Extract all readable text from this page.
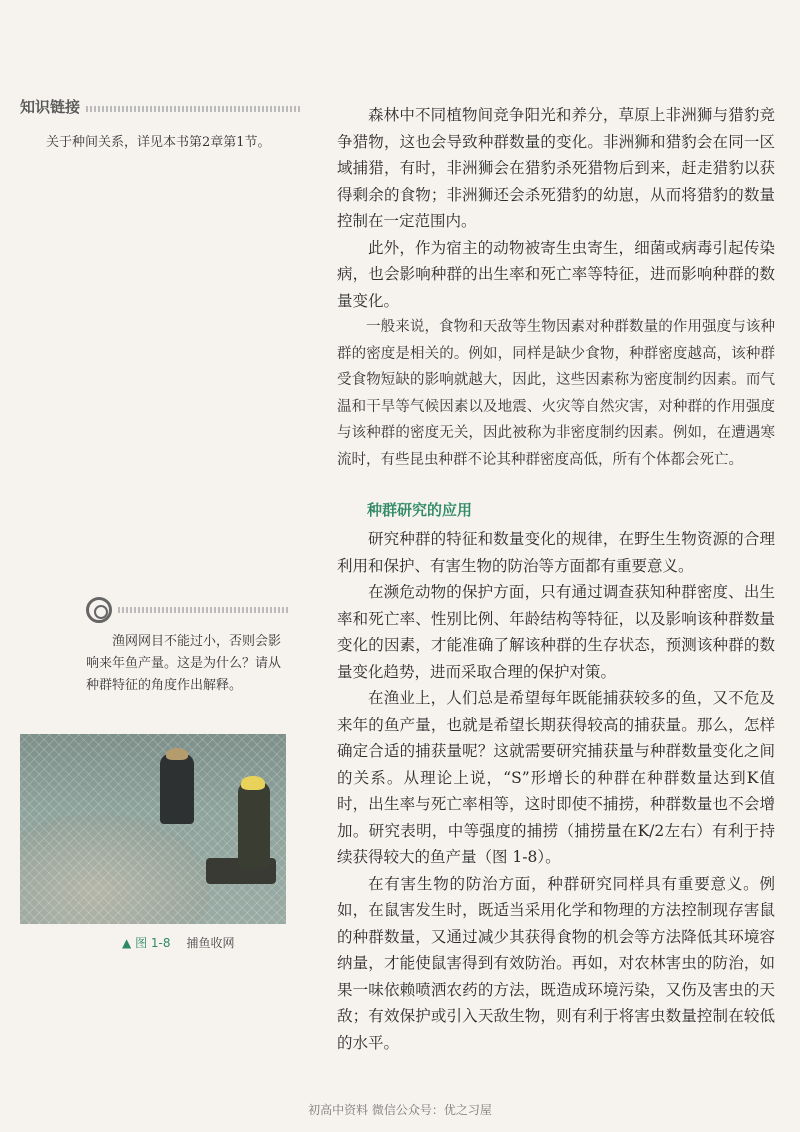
知识链接
关于种间关系，详见本书第2章第1节。
渔网网目不能过小，否则会影响来年鱼产量。这是为什么？请从种群特征的角度作出解释。
▲ 图 1-8 捕鱼收网

森林中不同植物间竞争阳光和养分，草原上非洲狮与猎豹竞争猎物，这也会导致种群数量的变化。非洲狮和猎豹会在同一区域捕猎，有时，非洲狮会在猎豹杀死猎物后到来，赶走猎豹以获得剩余的食物；非洲狮还会杀死猎豹的幼崽，从而将猎豹的数量控制在一定范围内。

此外，作为宿主的动物被寄生虫寄生，细菌或病毒引起传染病，也会影响种群的出生率和死亡率等特征，进而影响种群的数量变化。

一般来说，食物和天敌等生物因素对种群数量的作用强度与该种群的密度是相关的。例如，同样是缺少食物，种群密度越高，该种群受食物短缺的影响就越大，因此，这些因素称为密度制约因素。而气温和干旱等气候因素以及地震、火灾等自然灾害，对种群的作用强度与该种群的密度无关，因此被称为非密度制约因素。例如，在遭遇寒流时，有些昆虫种群不论其种群密度高低，所有个体都会死亡。

种群研究的应用

研究种群的特征和数量变化的规律，在野生生物资源的合理利用和保护、有害生物的防治等方面都有重要意义。

在濒危动物的保护方面，只有通过调查获知种群密度、出生率和死亡率、性别比例、年龄结构等特征，以及影响该种群数量变化的因素，才能准确了解该种群的生存状态，预测该种群的数量变化趋势，进而采取合理的保护对策。

在渔业上，人们总是希望每年既能捕获较多的鱼，又不危及来年的鱼产量，也就是希望长期获得较高的捕获量。那么，怎样确定合适的捕获量呢？这就需要研究捕获量与种群数量变化之间的关系。从理论上说，“S”形增长的种群在种群数量达到K值时，出生率与死亡率相等，这时即使不捕捞，种群数量也不会增加。研究表明，中等强度的捕捞（捕捞量在K/2左右）有利于持续获得较大的鱼产量（图 1-8）。

在有害生物的防治方面，种群研究同样具有重要意义。例如，在鼠害发生时，既适当采用化学和物理的方法控制现存害鼠的种群数量，又通过减少其获得食物的机会等方法降低其环境容纳量，才能使鼠害得到有效防治。再如，对农林害虫的防治，如果一味依赖喷洒农药的方法，既造成环境污染，又伤及害虫的天敌；有效保护或引入天敌生物，则有利于将害虫数量控制在较低的水平。

初高中资料 微信公众号：优之习屋
